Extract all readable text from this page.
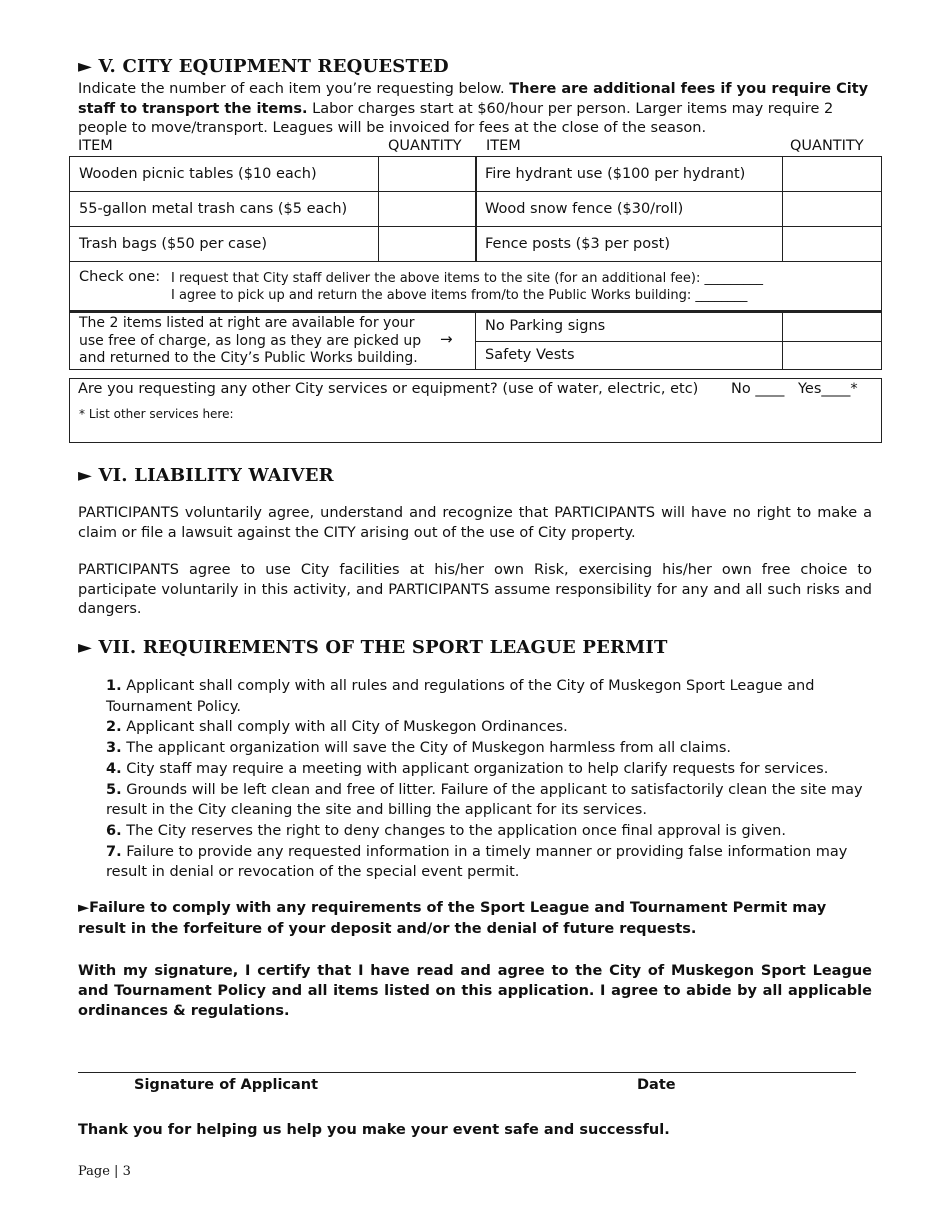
► V. CITY EQUIPMENT REQUESTED
Indicate the number of each item you’re requesting below. There are additional fees if you require City staff to transport the items. Labor charges start at $60/hour per person. Larger items may require 2 people to move/transport. Leagues will be invoiced for fees at the close of the season.
ITEM	QUANTITY ITEM	QUANTITY
Wooden picnic tables ($10 each)	Fire hydrant use ($100 per hydrant)
55-gallon metal trash cans ($5 each)	Wood snow fence ($30/roll)
Trash bags ($50 per case)	Fence posts ($3 per post)
Check one: I request that City staff deliver the above items to the site (for an additional fee): _________
I agree to pick up and return the above items from/to the Public Works building: ________
The 2 items listed at right are available for your use free of charge, as long as they are picked up and returned to the City’s Public Works building.
→
No Parking signs
Safety Vests
Are you requesting any other City services or equipment? (use of water, electric, etc) No ____ Yes____*
* List other services here:
► VI. LIABILITY WAIVER
PARTICIPANTS voluntarily agree, understand and recognize that PARTICIPANTS will have no right to make a claim or file a lawsuit against the CITY arising out of the use of City property.
PARTICIPANTS agree to use City facilities at his/her own Risk, exercising his/her own free choice to participate voluntarily in this activity, and PARTICIPANTS assume responsibility for any and all such risks and dangers.
► VII. REQUIREMENTS OF THE SPORT LEAGUE PERMIT
1. Applicant shall comply with all rules and regulations of the City of Muskegon Sport League and Tournament Policy.
2. Applicant shall comply with all City of Muskegon Ordinances.
3. The applicant organization will save the City of Muskegon harmless from all claims.
4. City staff may require a meeting with applicant organization to help clarify requests for services.
5. Grounds will be left clean and free of litter. Failure of the applicant to satisfactorily clean the site may result in the City cleaning the site and billing the applicant for its services.
6. The City reserves the right to deny changes to the application once final approval is given.
7. Failure to provide any requested information in a timely manner or providing false information may result in denial or revocation of the special event permit.
►Failure to comply with any requirements of the Sport League and Tournament Permit may result in the forfeiture of your deposit and/or the denial of future requests.
With my signature, I certify that I have read and agree to the City of Muskegon Sport League and Tournament Policy and all items listed on this application. I agree to abide by all applicable ordinances & regulations.
Signature of Applicant	Date
Thank you for helping us help you make your event safe and successful.
Page | 3
